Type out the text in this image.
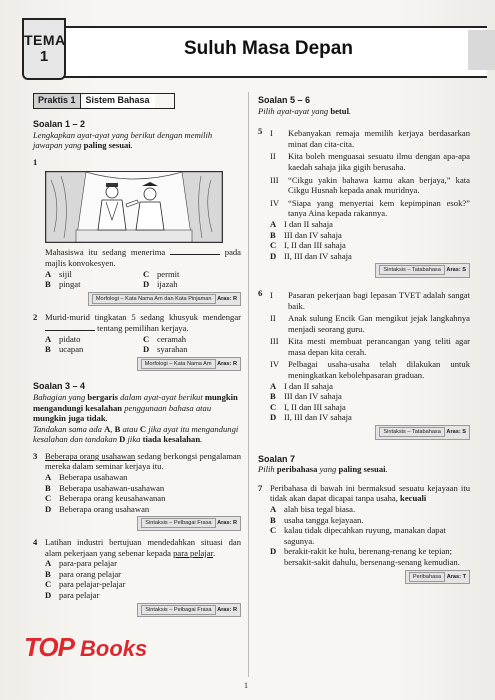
TEMA
1	Suluh Masa Depan
Praktis 1	Sistem Bahasa
Soalan 1 – 2
Lengkapkan ayat-ayat yang berikut dengan memilih jawapan yang paling sesuai.
1
Mahasiswa itu sedang menerima	pada majlis konvokesyen.
A sijil	C permit
B pingat	D ijazah
Morfologi – Kata Nama Am dan Kata Pinjaman Aras: R
2 Murid-murid tingkatan 5 sedang khusyuk mendengar  tentang pemilihan kerjaya.
A pidato	C ceramah
B ucapan	D syarahan
Morfologi – Kata Nama Am Aras: R
Soalan 3 – 4
Bahagian yang bergaris dalam ayat-ayat berikut mungkin mengandungi kesalahan penggunaan bahasa atau mungkin juga tidak.
Tandakan sama ada A, B atau C jika ayat itu mengandungi kesalahan dan tandakan D jika tiada kesalahan.
3 Beberapa orang usahawan sedang berkongsi pengalaman mereka dalam seminar kerjaya itu.
A Beberapa usahawan
B Beberapa usahawan-usahawan
C Beberapa orang keusahawanan
D Beberapa orang usahawan
Sintaksis – Pelbagai Frasa Aras: R
4 Latihan industri bertujuan mendedahkan situasi dan alam pekerjaan yang sebenar kepada para pelajar.
A para-para pelajar
B para orang pelajar
C para pelajar-pelajar
D para pelajar
Sintaksis – Pelbagai Frasa Aras: R
Soalan 5 – 6
Pilih ayat-ayat yang betul.
5 I	Kebanyakan remaja memilih kerjaya berdasarkan minat dan cita-cita.
II	Kita boleh menguasai sesuatu ilmu dengan apa-apa kaedah sahaja jika gigih berusaha.
III	“Cikgu yakin bahawa kamu akan berjaya,” kata Cikgu Husnah kepada anak muridnya.
IV	“Siapa yang menyertai kem kepimpinan esok?” tanya Aina kepada rakannya.
A I dan II sahaja
B III dan IV sahaja
C I, II dan III sahaja
D II, III dan IV sahaja
Sintaksis – Tatabahasa Aras: S
6 I	Pasaran pekerjaan bagi lepasan TVET adalah sangat baik.
II	Anak sulung Encik Gan mengikut jejak langkahnya menjadi seorang guru.
III	Kita mesti membuat perancangan yang teliti agar masa depan kita cerah.
IV	Pelbagai usaha-usaha telah dilakukan untuk meningkatkan kebolehpasaran graduan.
A I dan II sahaja
B III dan IV sahaja
C I, II dan III sahaja
D II, III dan IV sahaja
Sintaksis – Tatabahasa Aras: S
Soalan 7
Pilih peribahasa yang paling sesuai.
7 Peribahasa di bawah ini bermaksud sesuatu kejayaan itu tidak akan dapat dicapai tanpa usaha, kecuali
A alah bisa tegal biasa.
B usaha tangga kejayaan.
C kalau tidak dipecahkan ruyung, manakan dapat sagunya.
D berakit-rakit ke hulu, berenang-renang ke tepian; bersakit-sakit dahulu, bersenang-senang kemudian.
Peribahasa Aras: T
TOP Books
1
